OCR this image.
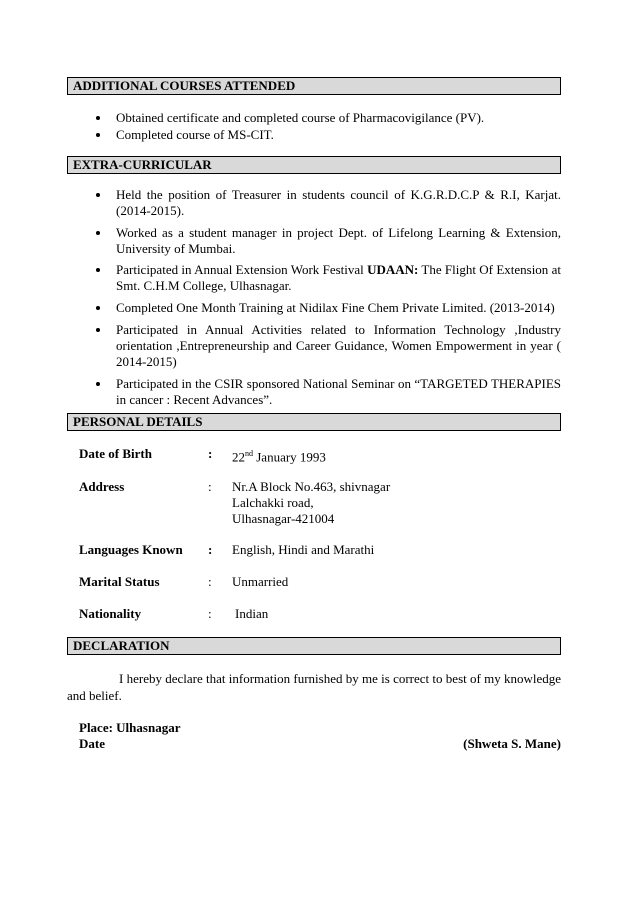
ADDITIONAL COURSES ATTENDED
Obtained certificate and completed course of Pharmacovigilance (PV).
Completed course of MS-CIT.
EXTRA-CURRICULAR
Held the position of Treasurer in students council of K.G.R.D.C.P & R.I, Karjat. (2014-2015).
Worked as a student manager in project Dept. of Lifelong Learning & Extension, University of Mumbai.
Participated in Annual Extension Work Festival UDAAN: The Flight Of Extension at Smt. C.H.M College, Ulhasnagar.
Completed One Month Training at Nidilax Fine Chem Private Limited. (2013-2014)
Participated in Annual Activities related to Information Technology ,Industry orientation ,Entrepreneurship and Career Guidance, Women Empowerment in year ( 2014-2015)
Participated in the CSIR sponsored National Seminar on “TARGETED THERAPIES in cancer : Recent Advances”.
PERSONAL DETAILS
Date of Birth	: 22nd January 1993
Address	: Nr.A Block No.463, shivnagar
Lalchakki road,
Ulhasnagar-421004
Languages Known : English, Hindi and Marathi
Marital Status	: Unmarried
Nationality	: Indian
DECLARATION
I hereby declare that information furnished by me is correct to best of my knowledge and belief.
Place: Ulhasnagar
Date	(Shweta S. Mane)
